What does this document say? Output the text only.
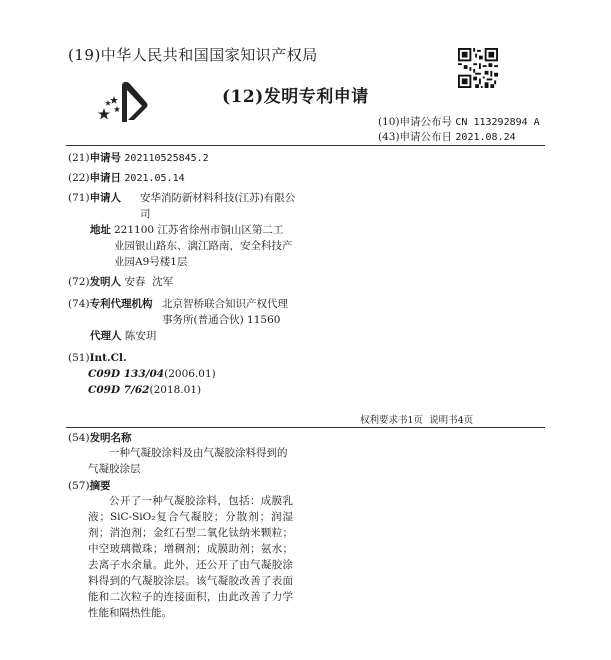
(19)中华人民共和国国家知识产权局
(12)发明专利申请
(10)申请公布号 CN 113292894 A
(43)申请公布日 2021.08.24
(21)申请号 202110525845.2
(22)申请日 2021.05.14
(71)申请人 安华消防新材料科技(江苏)有限公
司
地址 221100 江苏省徐州市铜山区第二工
业园银山路东、漓江路南，安全科技产
业园A9号楼1层
(72)发明人 安春  沈军
(74)专利代理机构 北京智桥联合知识产权代理
事务所(普通合伙) 11560
代理人 陈安玥
(51)Int.Cl.
C09D 133/04(2006.01)
C09D 7/62(2018.01)
权利要求书1页  说明书4页
(54)发明名称
一种气凝胶涂料及由气凝胶涂料得到的气凝胶涂层
(57)摘要
公开了一种气凝胶涂料，包括：成膜乳液；SiC-SiO₂复合气凝胶；分散剂；润湿剂；消泡剂；金红石型二氧化钛纳米颗粒；中空玻璃微珠；增稠剂；成膜助剂；氨水；去离子水余量。此外，还公开了由气凝胶涂料得到的气凝胶涂层。该气凝胶改善了表面能和二次粒子的连接面积，由此改善了力学性能和隔热性能。
